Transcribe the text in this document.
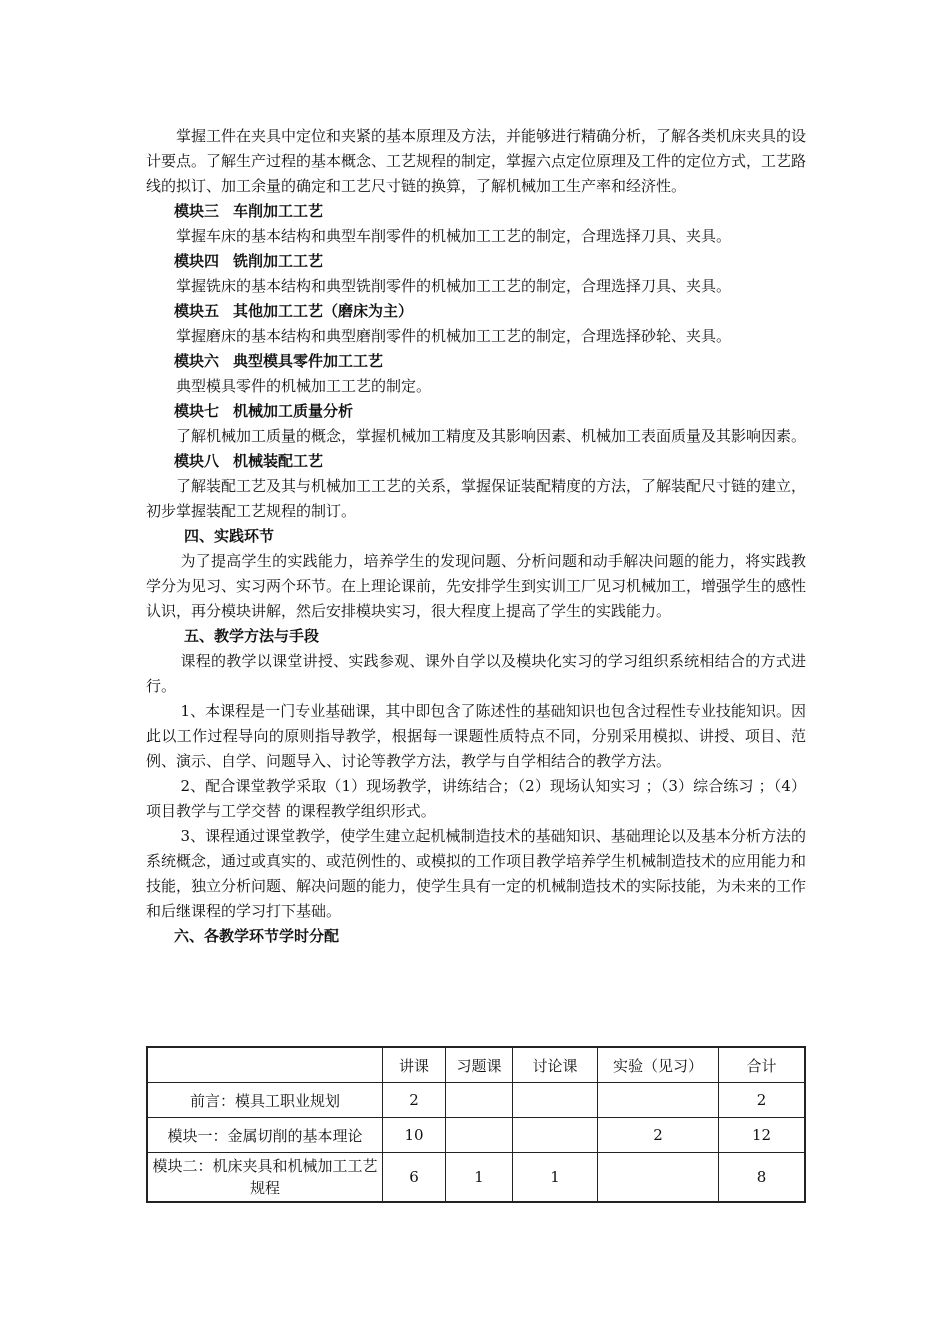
掌握工件在夹具中定位和夹紧的基本原理及方法，并能够进行精确分析，了解各类机床夹具的设计要点。了解生产过程的基本概念、工艺规程的制定，掌握六点定位原理及工件的定位方式，工艺路线的拟订、加工余量的确定和工艺尺寸链的换算，了解机械加工生产率和经济性。

模块三 车削加工工艺

掌握车床的基本结构和典型车削零件的机械加工工艺的制定，合理选择刀具、夹具。

模块四 铣削加工工艺

掌握铣床的基本结构和典型铣削零件的机械加工工艺的制定，合理选择刀具、夹具。

模块五 其他加工工艺（磨床为主）

掌握磨床的基本结构和典型磨削零件的机械加工工艺的制定，合理选择砂轮、夹具。

模块六 典型模具零件加工工艺

典型模具零件的机械加工工艺的制定。

模块七 机械加工质量分析

了解机械加工质量的概念，掌握机械加工精度及其影响因素、机械加工表面质量及其影响因素。

模块八 机械装配工艺

了解装配工艺及其与机械加工工艺的关系，掌握保证装配精度的方法，了解装配尺寸链的建立，初步掌握装配工艺规程的制订。

四、实践环节

为了提高学生的实践能力，培养学生的发现问题、分析问题和动手解决问题的能力，将实践教学分为见习、实习两个环节。在上理论课前，先安排学生到实训工厂见习机械加工，增强学生的感性认识，再分模块讲解，然后安排模块实习，很大程度上提高了学生的实践能力。

五、教学方法与手段

课程的教学以课堂讲授、实践参观、课外自学以及模块化实习的学习组织系统相结合的方式进行。

1、本课程是一门专业基础课，其中即包含了陈述性的基础知识也包含过程性专业技能知识。因此以工作过程导向的原则指导教学，根据每一课题性质特点不同，分别采用模拟、讲授、项目、范例、演示、自学、问题导入、讨论等教学方法，教学与自学相结合的教学方法。

2、配合课堂教学采取（1）现场教学，讲练结合；（2）现场认知实习 ；（3）综合练习 ；（4）项目教学与工学交替 的课程教学组织形式。

3、课程通过课堂教学，使学生建立起机械制造技术的基础知识、基础理论以及基本分析方法的系统概念，通过或真实的、或范例性的、或模拟的工作项目教学培养学生机械制造技术的应用能力和技能，独立分析问题、解决问题的能力，使学生具有一定的机械制造技术的实际技能，为未来的工作和后继课程的学习打下基础。

六、各教学环节学时分配

	讲课	习题课	讨论课	实验（见习）	合计
前言：模具工职业规划	2				2
模块一：金属切削的基本理论	10			2	12
模块二：机床夹具和机械加工工艺规程	6	1	1		8
